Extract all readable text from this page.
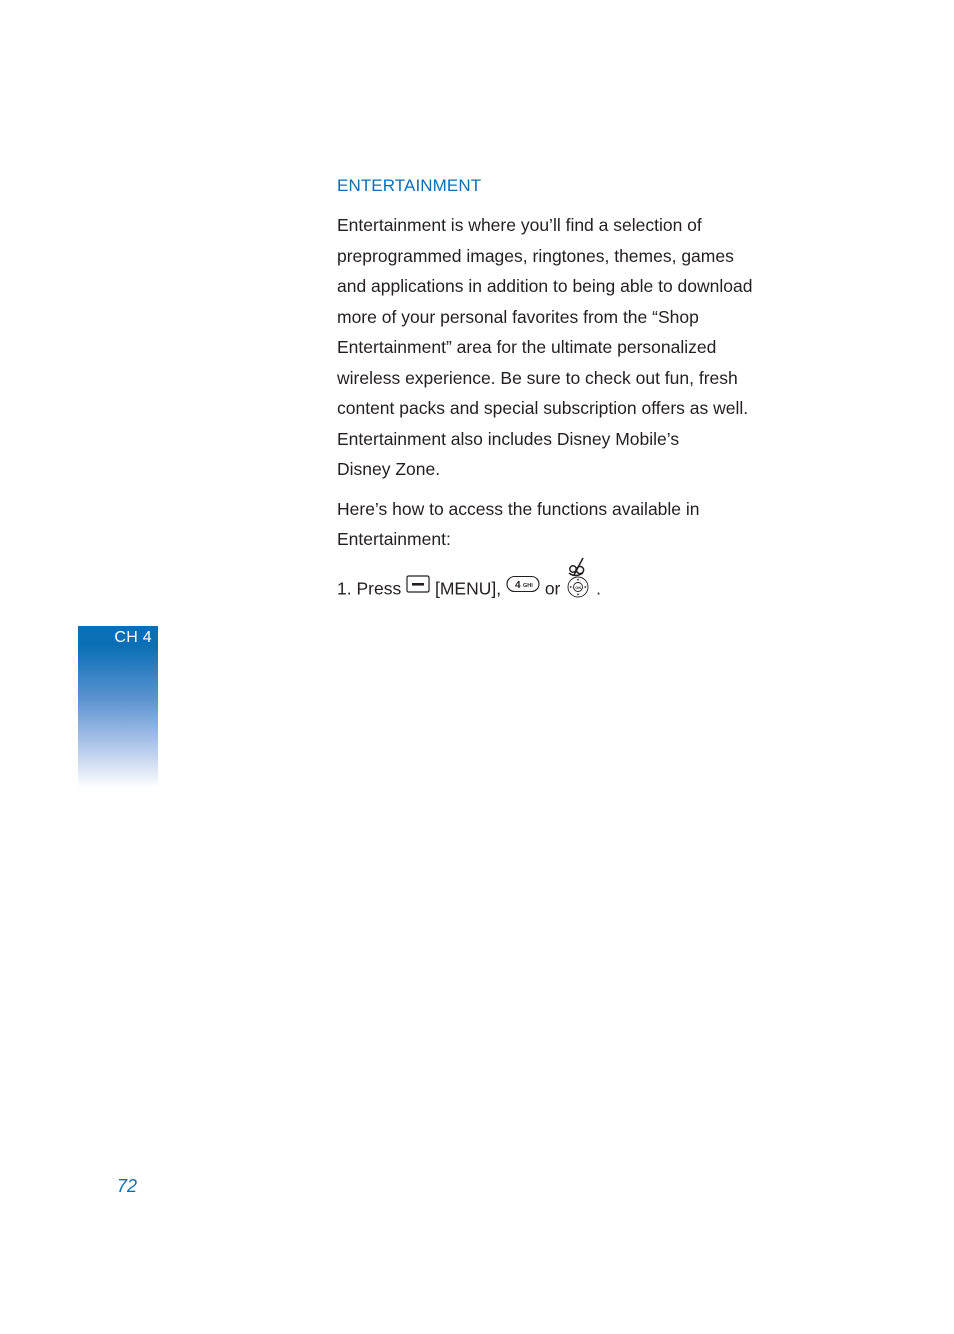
ENTERTAINMENT

Entertainment is where you’ll find a selection of
preprogrammed images, ringtones, themes, games
and applications in addition to being able to download
more of your personal favorites from the “Shop
Entertainment” area for the ultimate personalized
wireless experience. Be sure to check out fun, fresh
content packs and special subscription offers as well.
Entertainment also includes Disney Mobile’s
Disney Zone.

Here’s how to access the functions available in
Entertainment:

1. Press [MENU], 4 GHI or	OK .

CH 4
72
